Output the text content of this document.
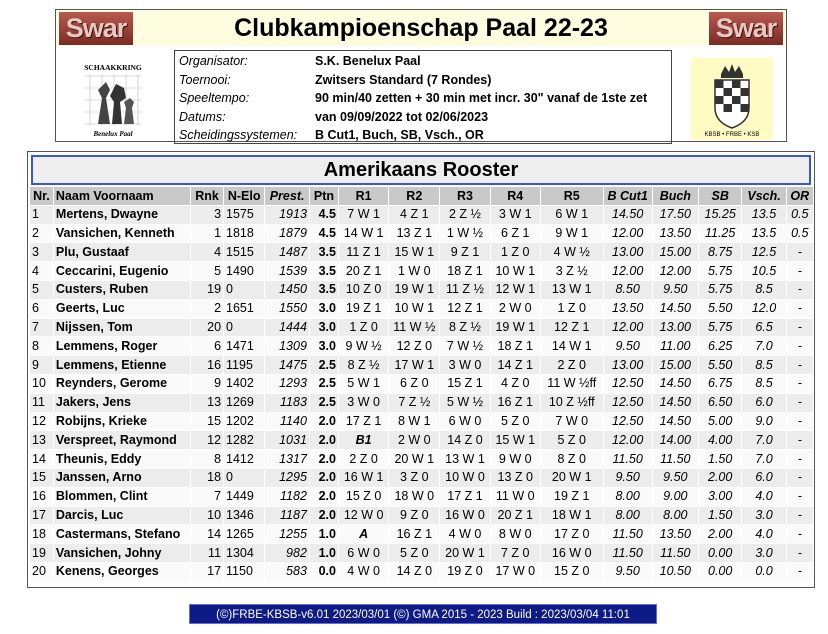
Swar	Clubkampioenschap Paal 22-23	Swar
SCHAAKKRING
Benelux Paal
Organisator:	S.K. Benelux Paal
Toernooi:	Zwitsers Standard (7 Rondes)
Speeltempo:	90 min/40 zetten + 30 min met incr. 30" vanaf de 1ste zet
Datums:	van 09/09/2022 tot 02/06/2023
Scheidingssystemen:	B Cut1, Buch, SB, Vsch., OR	KBSB • FRBE • KSB
Amerikaans Rooster
Nr.	Naam Voornaam	Rnk	N-Elo	Prest.	Ptn	R1	R2	R3	R4	R5	B Cut1	Buch	SB	Vsch.	OR
1	Mertens, Dwayne	3	1575	1913	4.5	7 W 1	4 Z 1	2 Z ½	3 W 1	6 W 1	14.50	17.50	15.25	13.5	0.5
2	Vansichen, Kenneth	1	1818	1879	4.5	14 W 1	13 Z 1	1 W ½	6 Z 1	9 W 1	12.00	13.50	11.25	13.5	0.5
3	Plu, Gustaaf	4	1515	1487	3.5	11 Z 1	15 W 1	9 Z 1	1 Z 0	4 W ½	13.00	15.00	8.75	12.5	-
4	Ceccarini, Eugenio	5	1490	1539	3.5	20 Z 1	1 W 0	18 Z 1	10 W 1	3 Z ½	12.00	12.00	5.75	10.5	-
5	Custers, Ruben	19	0	1450	3.5	10 Z 0	19 W 1	11 Z ½	12 W 1	13 W 1	8.50	9.50	5.75	8.5	-
6	Geerts, Luc	2	1651	1550	3.0	19 Z 1	10 W 1	12 Z 1	2 W 0	1 Z 0	13.50	14.50	5.50	12.0	-
7	Nijssen, Tom	20	0	1444	3.0	1 Z 0	11 W ½	8 Z ½	19 W 1	12 Z 1	12.00	13.00	5.75	6.5	-
8	Lemmens, Roger	6	1471	1309	3.0	9 W ½	12 Z 0	7 W ½	18 Z 1	14 W 1	9.50	11.00	6.25	7.0	-
9	Lemmens, Etienne	16	1195	1475	2.5	8 Z ½	17 W 1	3 W 0	14 Z 1	2 Z 0	13.00	15.00	5.50	8.5	-
10	Reynders, Gerome	9	1402	1293	2.5	5 W 1	6 Z 0	15 Z 1	4 Z 0	11 W ½ff	12.50	14.50	6.75	8.5	-
11	Jakers, Jens	13	1269	1183	2.5	3 W 0	7 Z ½	5 W ½	16 Z 1	10 Z ½ff	12.50	14.50	6.50	6.0	-
12	Robijns, Krieke	15	1202	1140	2.0	17 Z 1	8 W 1	6 W 0	5 Z 0	7 W 0	12.50	14.50	5.00	9.0	-
13	Verspreet, Raymond	12	1282	1031	2.0	B1	2 W 0	14 Z 0	15 W 1	5 Z 0	12.00	14.00	4.00	7.0	-
14	Theunis, Eddy	8	1412	1317	2.0	2 Z 0	20 W 1	13 W 1	9 W 0	8 Z 0	11.50	11.50	1.50	7.0	-
15	Janssen, Arno	18	0	1295	2.0	16 W 1	3 Z 0	10 W 0	13 Z 0	20 W 1	9.50	9.50	2.00	6.0	-
16	Blommen, Clint	7	1449	1182	2.0	15 Z 0	18 W 0	17 Z 1	11 W 0	19 Z 1	8.00	9.00	3.00	4.0	-
17	Darcis, Luc	10	1346	1187	2.0	12 W 0	9 Z 0	16 W 0	20 Z 1	18 W 1	8.00	8.00	1.50	3.0	-
18	Castermans, Stefano	14	1265	1255	1.0	A	16 Z 1	4 W 0	8 W 0	17 Z 0	11.50	13.50	2.00	4.0	-
19	Vansichen, Johny	11	1304	982	1.0	6 W 0	5 Z 0	20 W 1	7 Z 0	16 W 0	11.50	11.50	0.00	3.0	-
20	Kenens, Georges	17	1150	583	0.0	4 W 0	14 Z 0	19 Z 0	17 W 0	15 Z 0	9.50	10.50	0.00	0.0	-
(©)FRBE-KBSB-v6.01 2023/03/01 (©) GMA 2015 - 2023 Build : 2023/03/04 11:01
